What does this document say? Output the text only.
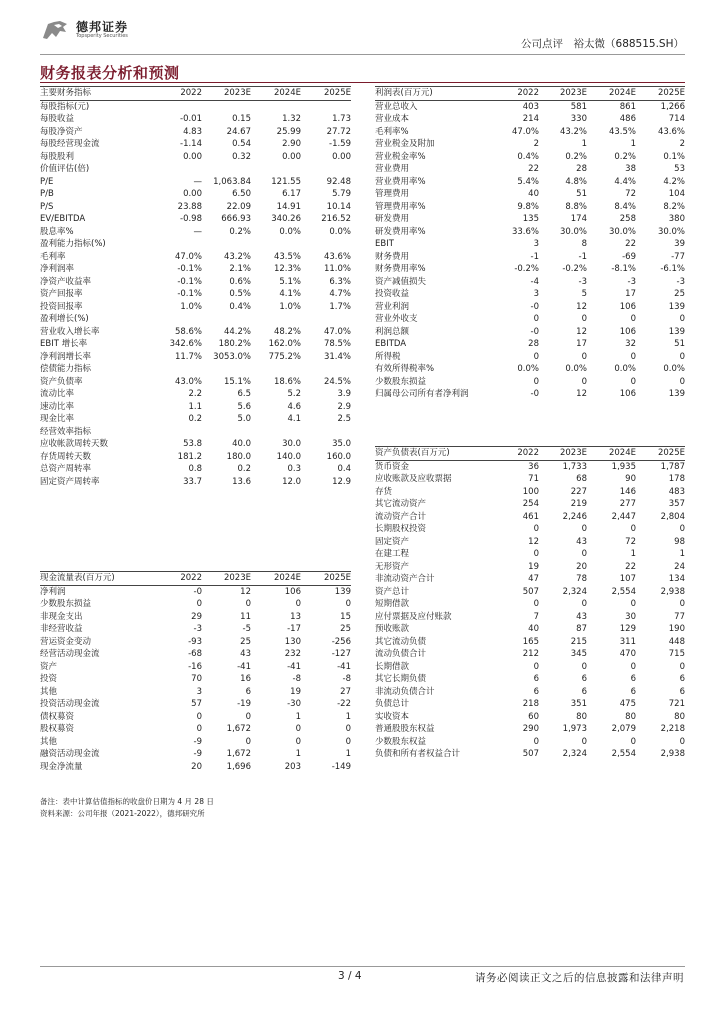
德邦证券
Topsperity Securities
公司点评　裕太微（688515.SH）
财务报表分析和预测
主要财务指标	2022	2023E	2024E	2025E
每股指标(元)				
每股收益	-0.01	0.15	1.32	1.73
每股净资产	4.83	24.67	25.99	27.72
每股经营现金流	-1.14	0.54	2.90	-1.59
每股股利	0.00	0.32	0.00	0.00
价值评估(倍)				
P/E	—	1,063.84	121.55	92.48
P/B	0.00	6.50	6.17	5.79
P/S	23.88	22.09	14.91	10.14
EV/EBITDA	-0.98	666.93	340.26	216.52
股息率%	—	0.2%	0.0%	0.0%
盈利能力指标(%)				
毛利率	47.0%	43.2%	43.5%	43.6%
净利润率	-0.1%	2.1%	12.3%	11.0%
净资产收益率	-0.1%	0.6%	5.1%	6.3%
资产回报率	-0.1%	0.5%	4.1%	4.7%
投资回报率	1.0%	0.4%	1.0%	1.7%
盈利增长(%)				
营业收入增长率	58.6%	44.2%	48.2%	47.0%
EBIT 增长率	342.6%	180.2%	162.0%	78.5%
净利润增长率	11.7%	3053.0%	775.2%	31.4%
偿债能力指标				
资产负债率	43.0%	15.1%	18.6%	24.5%
流动比率	2.2	6.5	5.2	3.9
速动比率	1.1	5.6	4.6	2.9
现金比率	0.2	5.0	4.1	2.5
经营效率指标				
应收帐款周转天数	53.8	40.0	30.0	35.0
存货周转天数	181.2	180.0	140.0	160.0
总资产周转率	0.8	0.2	0.3	0.4
固定资产周转率	33.7	13.6	12.0	12.9
利润表(百万元)	2022	2023E	2024E	2025E
营业总收入	403	581	861	1,266
营业成本	214	330	486	714
毛利率%	47.0%	43.2%	43.5%	43.6%
营业税金及附加	2	1	1	2
营业税金率%	0.4%	0.2%	0.2%	0.1%
营业费用	22	28	38	53
营业费用率%	5.4%	4.8%	4.4%	4.2%
管理费用	40	51	72	104
管理费用率%	9.8%	8.8%	8.4%	8.2%
研发费用	135	174	258	380
研发费用率%	33.6%	30.0%	30.0%	30.0%
EBIT	3	8	22	39
财务费用	-1	-1	-69	-77
财务费用率%	-0.2%	-0.2%	-8.1%	-6.1%
资产减值损失	-4	-3	-3	-3
投资收益	3	5	17	25
营业利润	-0	12	106	139
营业外收支	0	0	0	0
利润总额	-0	12	106	139
EBITDA	28	17	32	51
所得税	0	0	0	0
有效所得税率%	0.0%	0.0%	0.0%	0.0%
少数股东损益	0	0	0	0
归属母公司所有者净利润	-0	12	106	139
资产负债表(百万元)	2022	2023E	2024E	2025E
货币资金	36	1,733	1,935	1,787
应收账款及应收票据	71	68	90	178
存货	100	227	146	483
其它流动资产	254	219	277	357
流动资产合计	461	2,246	2,447	2,804
长期股权投资	0	0	0	0
固定资产	12	43	72	98
在建工程	0	0	1	1
无形资产	19	20	22	24
非流动资产合计	47	78	107	134
资产总计	507	2,324	2,554	2,938
短期借款	0	0	0	0
应付票据及应付账款	7	43	30	77
预收账款	40	87	129	190
其它流动负债	165	215	311	448
流动负债合计	212	345	470	715
长期借款	0	0	0	0
其它长期负债	6	6	6	6
非流动负债合计	6	6	6	6
负债总计	218	351	475	721
实收资本	60	80	80	80
普通股股东权益	290	1,973	2,079	2,218
少数股东权益	0	0	0	0
负债和所有者权益合计	507	2,324	2,554	2,938
现金流量表(百万元)	2022	2023E	2024E	2025E
净利润	-0	12	106	139
少数股东损益	0	0	0	0
非现金支出	29	11	13	15
非经营收益	-3	-5	-17	25
营运资金变动	-93	25	130	-256
经营活动现金流	-68	43	232	-127
资产	-16	-41	-41	-41
投资	70	16	-8	-8
其他	3	6	19	27
投资活动现金流	57	-19	-30	-22
债权募资	0	0	1	1
股权募资	0	1,672	0	0
其他	-9	0	0	0
融资活动现金流	-9	1,672	1	1
现金净流量	20	1,696	203	-149
备注：表中计算估值指标的收盘价日期为 4 月 28 日
资料来源：公司年报（2021-2022），德邦研究所
3 / 4	请务必阅读正文之后的信息披露和法律声明
